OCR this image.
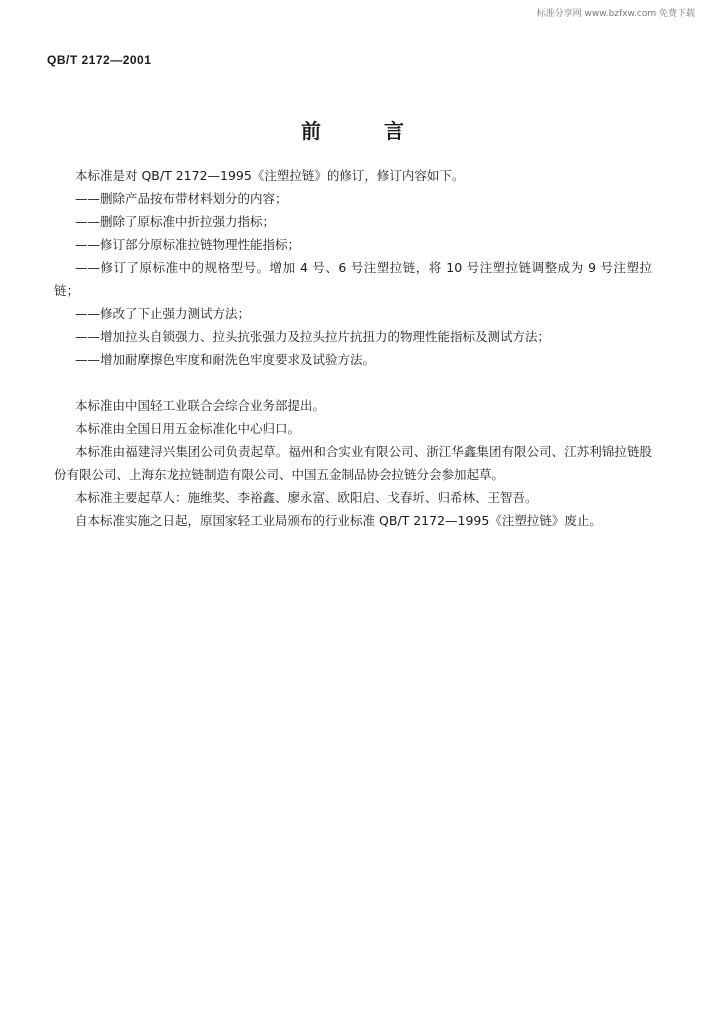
标准分享网 www.bzfxw.com 免费下载
QB/T 2172—2001
前 言

本标准是对 QB/T 2172—1995《注塑拉链》的修订，修订内容如下。

——删除产品按布带材料划分的内容；

——删除了原标准中折拉强力指标；

——修订部分原标准拉链物理性能指标；

——修订了原标准中的规格型号。增加 4 号、6 号注塑拉链，将 10 号注塑拉链调整成为 9 号注塑拉链；

——修改了下止强力测试方法；

——增加拉头自锁强力、拉头抗张强力及拉头拉片抗扭力的物理性能指标及测试方法；

——增加耐摩擦色牢度和耐洗色牢度要求及试验方法。

本标准由中国轻工业联合会综合业务部提出。

本标准由全国日用五金标准化中心归口。

本标准由福建浔兴集团公司负责起草。福州和合实业有限公司、浙江华鑫集团有限公司、江苏利锦拉链股份有限公司、上海东龙拉链制造有限公司、中国五金制品协会拉链分会参加起草。

本标准主要起草人：施维奖、李裕鑫、廖永富、欧阳启、戈春圻、归希林、王智吾。

自本标准实施之日起，原国家轻工业局颁布的行业标准 QB/T 2172—1995《注塑拉链》废止。
